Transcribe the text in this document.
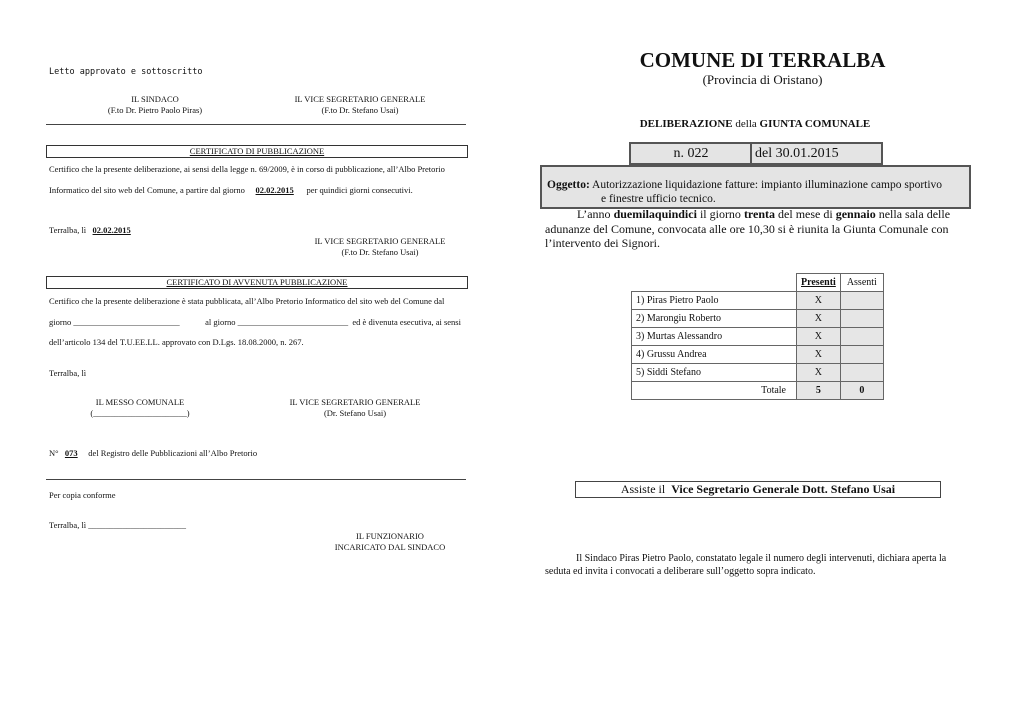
Letto approvato e sottoscritto
IL SINDACO
(F.to Dr. Pietro Paolo Piras)
IL VICE SEGRETARIO GENERALE
(F.to Dr. Stefano Usai)
CERTIFICATO DI PUBBLICAZIONE
Certifico che la presente deliberazione, ai sensi della legge n. 69/2009, è in corso di pubblicazione, all’Albo Pretorio
Informatico del sito web del Comune, a partire dal giorno 02.02.2015 per quindici giorni consecutivi.
Terralba, lì 02.02.2015
IL VICE SEGRETARIO GENERALE
(F.to Dr. Stefano Usai)
CERTIFICATO DI AVVENUTA PUBBLICAZIONE
Certifico che la presente deliberazione è stata pubblicata, all’Albo Pretorio Informatico del sito web del Comune dal
giorno _________________________	al giorno __________________________ ed è divenuta esecutiva, ai sensi
dell’articolo 134 del T.U.EE.LL. approvato con D.Lgs. 18.08.2000, n. 267.
Terralba, lì
IL MESSO COMUNALE
(______________________)
IL VICE SEGRETARIO GENERALE
(Dr. Stefano Usai)
N° 073 del Registro delle Pubblicazioni all’Albo Pretorio
Per copia conforme
Terralba, lì _______________________
IL FUNZIONARIO
INCARICATO DAL SINDACO
COMUNE DI TERRALBA
(Provincia di Oristano)
DELIBERAZIONE della GIUNTA COMUNALE
n. 022	del 30.01.2015
Oggetto: Autorizzazione liquidazione fatture: impianto illuminazione campo sportivo
e finestre ufficio tecnico.
L’anno duemilaquindici il giorno trenta del mese di gennaio nella sala delle
adunanze del Comune, convocata alle ore 10,30 si è riunita la Giunta Comunale con
l’intervento dei Signori.
	Presenti	Assenti
1) Piras Pietro Paolo	X	
2) Marongiu Roberto	X	
3) Murtas Alessandro	X	
4) Grussu Andrea	X	
5) Siddi Stefano	X	
Totale	5	0
Assiste il Vice Segretario Generale Dott. Stefano Usai
Il Sindaco Piras Pietro Paolo, constatato legale il numero degli intervenuti, dichiara aperta la
seduta ed invita i convocati a deliberare sull’oggetto sopra indicato.
